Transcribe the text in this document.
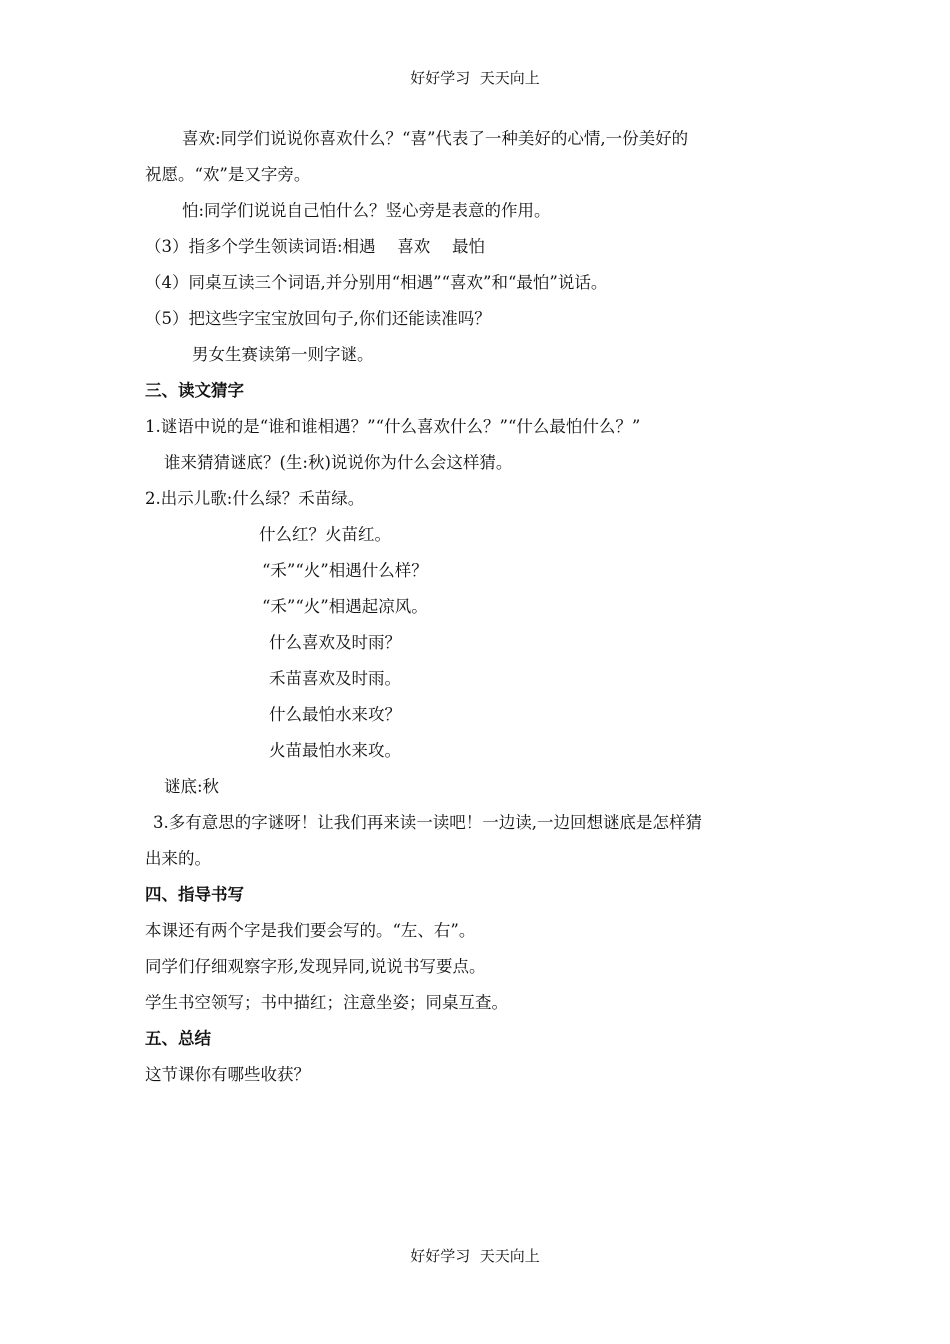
好好学习  天天向上
喜欢:同学们说说你喜欢什么？“喜”代表了一种美好的心情,一份美好的
祝愿。“欢”是又字旁。
怕:同学们说说自己怕什么？竖心旁是表意的作用。
（3）指多个学生领读词语:相遇　 喜欢　 最怕
（4）同桌互读三个词语,并分别用“相遇”“喜欢”和“最怕”说话。
（5）把这些字宝宝放回句子,你们还能读准吗？
男女生赛读第一则字谜。
三、读文猜字
1.谜语中说的是“谁和谁相遇？”“什么喜欢什么？”“什么最怕什么？”
谁来猜猜谜底？(生:秋)说说你为什么会这样猜。
2.出示儿歌:什么绿？禾苗绿。
什么红？火苗红。
“禾”“火”相遇什么样？
“禾”“火”相遇起凉风。
什么喜欢及时雨？
禾苗喜欢及时雨。
什么最怕水来攻？
火苗最怕水来攻。
谜底:秋
3.多有意思的字谜呀！让我们再来读一读吧！一边读,一边回想谜底是怎样猜
出来的。
四、指导书写
本课还有两个字是我们要会写的。“左、右”。
同学们仔细观察字形,发现异同,说说书写要点。
学生书空领写；书中描红；注意坐姿；同桌互查。
五、总结
这节课你有哪些收获？
好好学习  天天向上
